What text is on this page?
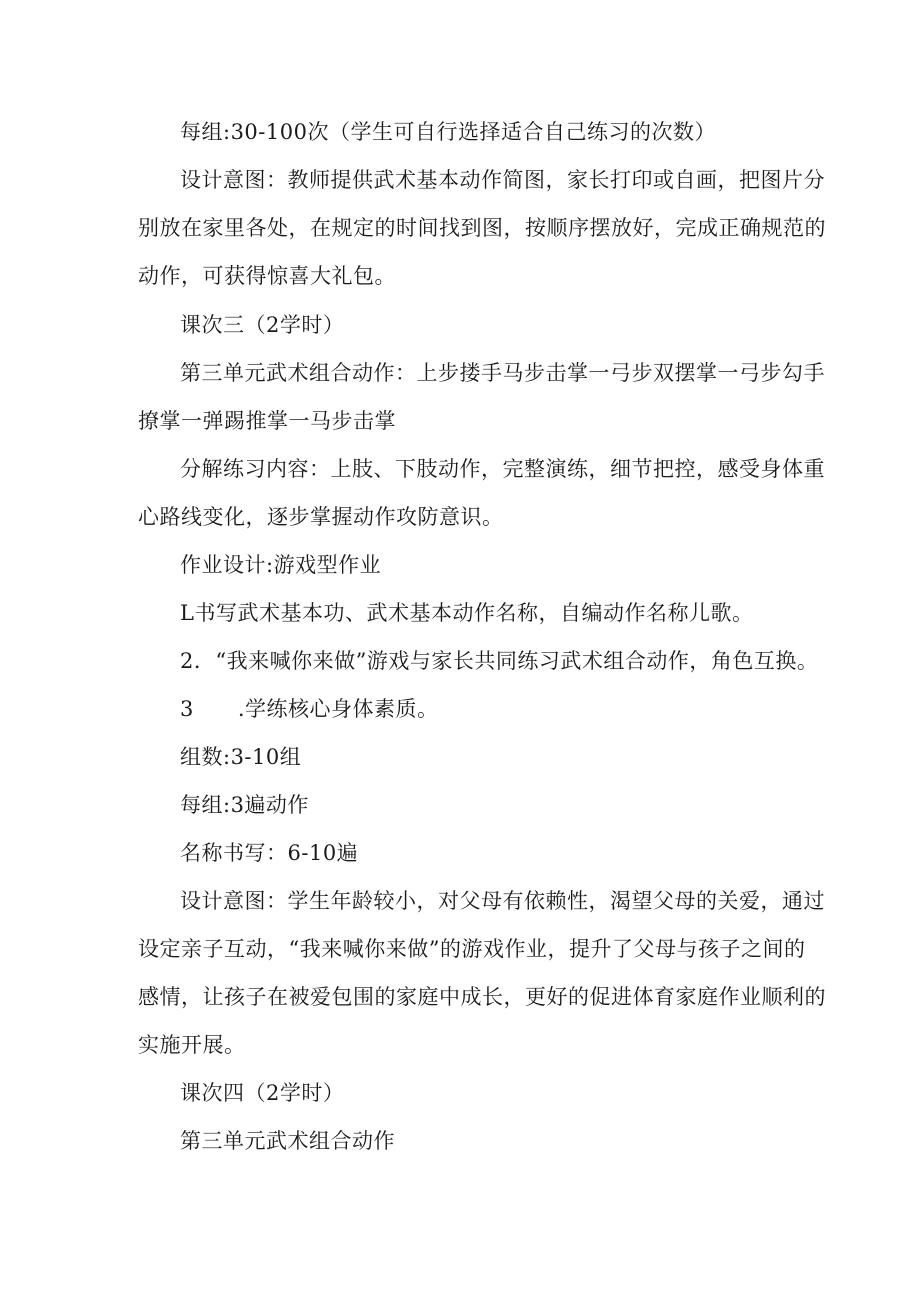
每组:30-100次（学生可自行选择适合自己练习的次数）
设计意图：教师提供武术基本动作简图，家长打印或自画，把图片分
别放在家里各处，在规定的时间找到图，按顺序摆放好，完成正确规范的
动作，可获得惊喜大礼包。
课次三（2学时）
第三单元武术组合动作：上步搂手马步击掌一弓步双摆掌一弓步勾手
撩掌一弹踢推掌一马步击掌
分解练习内容：上肢、下肢动作，完整演练，细节把控，感受身体重
心路线变化，逐步掌握动作攻防意识。
作业设计:游戏型作业
L书写武术基本功、武术基本动作名称，自编动作名称儿歌。
2．“我来喊你来做”游戏与家长共同练习武术组合动作，角色互换。
3 .学练核心身体素质。
组数:3-10组
每组:3遍动作
名称书写：6-10遍
设计意图：学生年龄较小，对父母有依赖性，渴望父母的关爱，通过
设定亲子互动，“我来喊你来做”的游戏作业，提升了父母与孩子之间的
感情，让孩子在被爱包围的家庭中成长，更好的促进体育家庭作业顺利的
实施开展。
课次四（2学时）
第三单元武术组合动作
